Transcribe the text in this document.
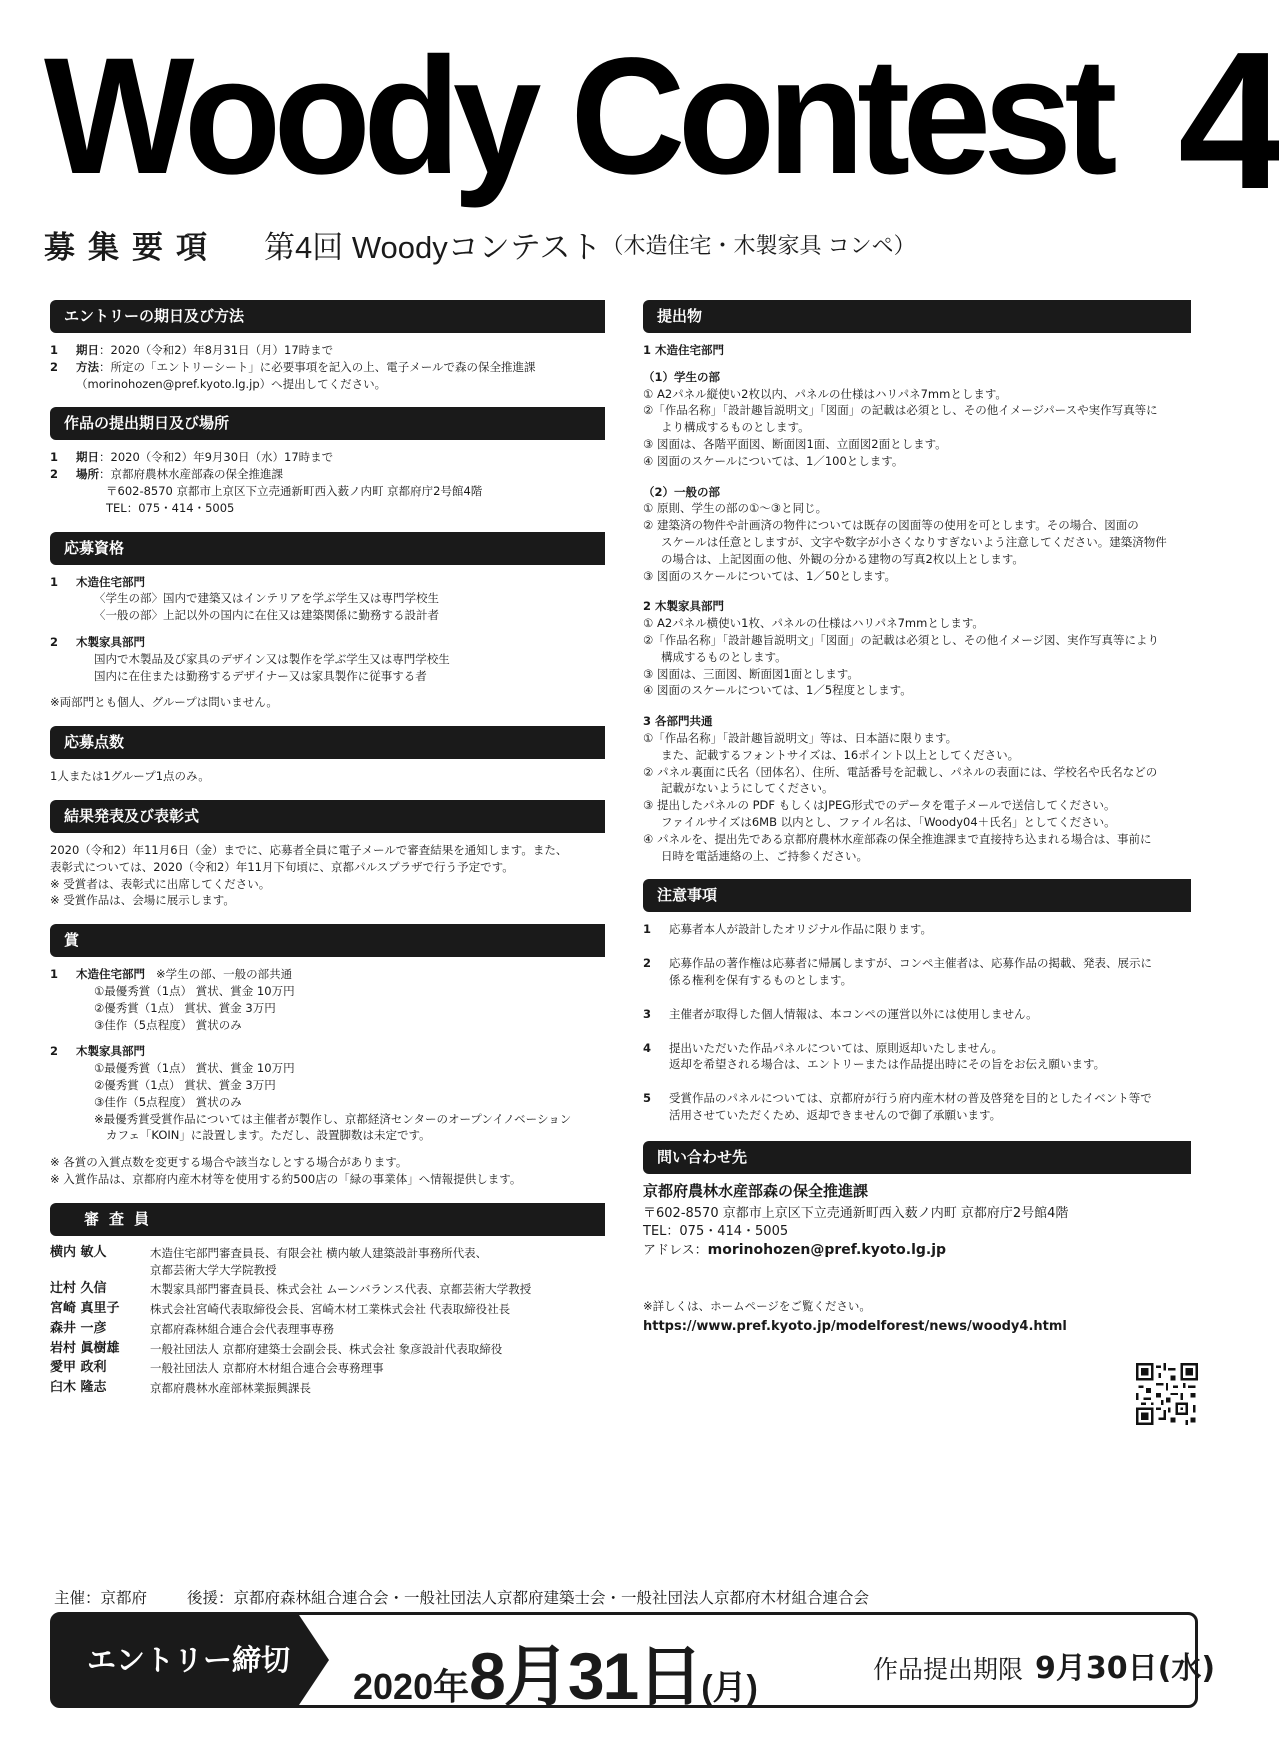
Woody Contest 4
募集要項 第4回 Woodyコンテスト（木造住宅・木製家具 コンペ）
エントリーの期日及び方法
1	期日：2020（令和2）年8月31日（月）17時まで
2	方法：所定の「エントリーシート」に必要事項を記入の上、電子メールで森の保全推進課
（morinohozen@pref.kyoto.lg.jp）へ提出してください。
作品の提出期日及び場所
1	期日：2020（令和2）年9月30日（水）17時まで
2	場所：京都府農林水産部森の保全推進課
〒602-8570 京都市上京区下立売通新町西入薮ノ内町 京都府庁2号館4階
TEL：075・414・5005
応募資格
1	木造住宅部門
〈学生の部〉国内で建築又はインテリアを学ぶ学生又は専門学校生
〈一般の部〉上記以外の国内に在住又は建築関係に勤務する設計者
2	木製家具部門
国内で木製品及び家具のデザイン又は製作を学ぶ学生又は専門学校生
国内に在住または勤務するデザイナー又は家具製作に従事する者
※両部門とも個人、グループは問いません。
応募点数
1人または1グループ1点のみ。
結果発表及び表彰式
2020（令和2）年11月6日（金）までに、応募者全員に電子メールで審査結果を通知します。また、
表彰式については、2020（令和2）年11月下旬頃に、京都パルスプラザで行う予定です。
※ 受賞者は、表彰式に出席してください。
※ 受賞作品は、会場に展示します。
賞
1	木造住宅部門 ※学生の部、一般の部共通
①最優秀賞（1点） 賞状、賞金 10万円
②優秀賞（1点） 賞状、賞金 3万円
③佳作（5点程度） 賞状のみ
2	木製家具部門
①最優秀賞（1点） 賞状、賞金 10万円
②優秀賞（1点） 賞状、賞金 3万円
③佳作（5点程度） 賞状のみ
※最優秀賞受賞作品については主催者が製作し、京都経済センターのオープンイノベーション
カフェ「KOIN」に設置します。ただし、設置脚数は未定です。
※ 各賞の入賞点数を変更する場合や該当なしとする場合があります。
※ 入賞作品は、京都府内産木材等を使用する約500店の「緑の事業体」へ情報提供します。
審査員
横内 敏人	木造住宅部門審査員長、有限会社 横内敏人建築設計事務所代表、
京都芸術大学大学院教授
辻村 久信	木製家具部門審査員長、株式会社 ムーンバランス代表、京都芸術大学教授
宮崎 真里子	株式会社宮崎代表取締役会長、宮崎木材工業株式会社 代表取締役社長
森井 一彦	京都府森林組合連合会代表理事専務
岩村 眞樹雄	一般社団法人 京都府建築士会副会長、株式会社 象彦設計代表取締役
愛甲 政利	一般社団法人 京都府木材組合連合会専務理事
臼木 隆志	京都府農林水産部林業振興課長
提出物
1 木造住宅部門
（1）学生の部
① A2パネル縦使い2枚以内、パネルの仕様はハリパネ7mmとします。
②「作品名称」「設計趣旨説明文」「図面」の記載は必須とし、その他イメージパースや実作写真等に
より構成するものとします。
③ 図面は、各階平面図、断面図1面、立面図2面とします。
④ 図面のスケールについては、1／100とします。
（2）一般の部
① 原則、学生の部の①～③と同じ。
② 建築済の物件や計画済の物件については既存の図面等の使用を可とします。その場合、図面の
スケールは任意としますが、文字や数字が小さくなりすぎないよう注意してください。建築済物件
の場合は、上記図面の他、外観の分かる建物の写真2枚以上とします。
③ 図面のスケールについては、1／50とします。
2 木製家具部門
① A2パネル横使い1枚、パネルの仕様はハリパネ7mmとします。
②「作品名称」「設計趣旨説明文」「図面」の記載は必須とし、その他イメージ図、実作写真等により
構成するものとします。
③ 図面は、三面図、断面図1面とします。
④ 図面のスケールについては、1／5程度とします。
3 各部門共通
①「作品名称」「設計趣旨説明文」等は、日本語に限ります。
また、記載するフォントサイズは、16ポイント以上としてください。
② パネル裏面に氏名（団体名）、住所、電話番号を記載し、パネルの表面には、学校名や氏名などの
記載がないようにしてください。
③ 提出したパネルの PDF もしくはJPEG形式でのデータを電子メールで送信してください。
ファイルサイズは6MB 以内とし、ファイル名は、「Woody04＋氏名」としてください。
④ パネルを、提出先である京都府農林水産部森の保全推進課まで直接持ち込まれる場合は、事前に
日時を電話連絡の上、ご持参ください。
注意事項
1	応募者本人が設計したオリジナル作品に限ります。
2	応募作品の著作権は応募者に帰属しますが、コンペ主催者は、応募作品の掲載、発表、展示に
係る権利を保有するものとします。
3	主催者が取得した個人情報は、本コンペの運営以外には使用しません。
4	提出いただいた作品パネルについては、原則返却いたしません。
返却を希望される場合は、エントリーまたは作品提出時にその旨をお伝え願います。
5	受賞作品のパネルについては、京都府が行う府内産木材の普及啓発を目的としたイベント等で
活用させていただくため、返却できませんので御了承願います。
問い合わせ先
京都府農林水産部森の保全推進課
〒602-8570 京都市上京区下立売通新町西入薮ノ内町 京都府庁2号館4階
TEL：075・414・5005
アドレス：morinohozen@pref.kyoto.lg.jp
※詳しくは、ホームページをご覧ください。
https://www.pref.kyoto.jp/modelforest/news/woody4.html
主催：京都府	後援：京都府森林組合連合会・一般社団法人京都府建築士会・一般社団法人京都府木材組合連合会
エントリー締切
2020年8月31日(月)	作品提出期限 9月30日(水)
